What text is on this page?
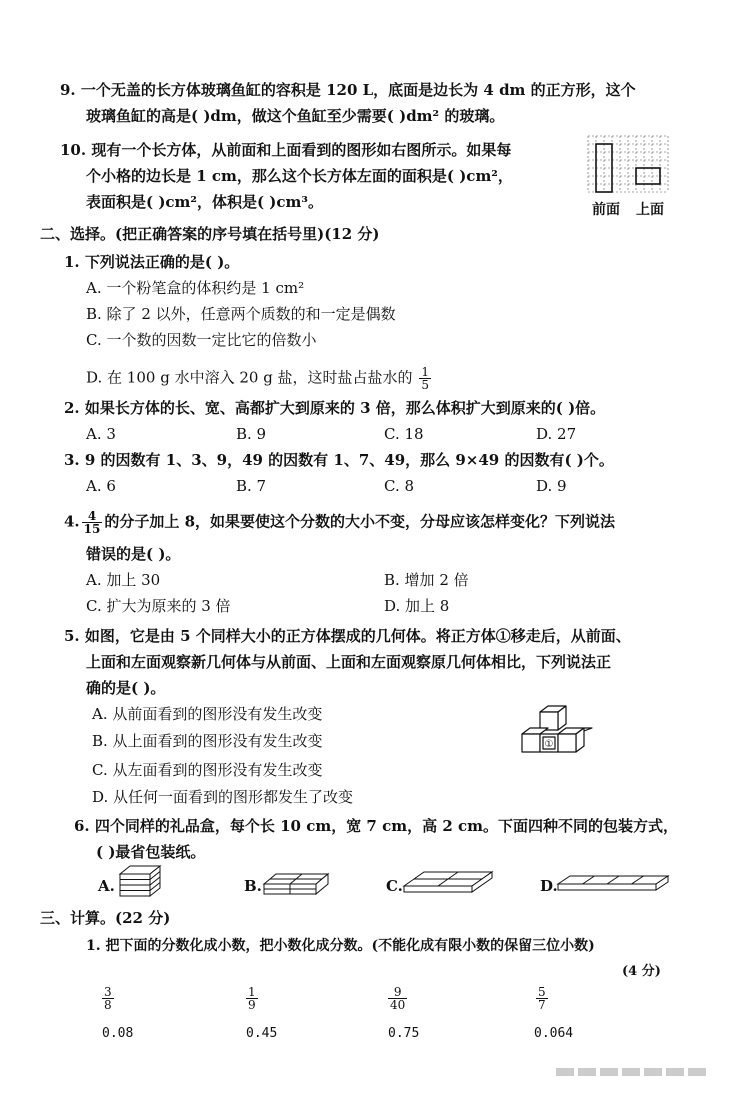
9. 一个无盖的长方体玻璃鱼缸的容积是 120 L，底面是边长为 4 dm 的正方形，这个
玻璃鱼缸的高是( )dm，做这个鱼缸至少需要( )dm² 的玻璃。
10. 现有一个长方体，从前面和上面看到的图形如右图所示。如果每
个小格的边长是 1 cm，那么这个长方体左面的面积是( )cm²，
表面积是( )cm²，体积是( )cm³。	前面 上面
二、选择。(把正确答案的序号填在括号里)(12 分)
1. 下列说法正确的是( )。
A. 一个粉笔盒的体积约是 1 cm²
B. 除了 2 以外，任意两个质数的和一定是偶数
C. 一个数的因数一定比它的倍数小
D. 在 100 g 水中溶入 20 g 盐，这时盐占盐水的 $\frac{1}{5}$
2. 如果长方体的长、宽、高都扩大到原来的 3 倍，那么体积扩大到原来的( )倍。
A. 3	B. 9	C. 18	D. 27
3. 9 的因数有 1、3、9，49 的因数有 1、7、49，那么 9×49 的因数有( )个。
A. 6	B. 7	C. 8	D. 9
4. $\frac{4}{15}$ 的分子加上 8，如果要使这个分数的大小不变，分母应该怎样变化？下列说法
错误的是( )。
A. 加上 30	B. 增加 2 倍
C. 扩大为原来的 3 倍	D. 加上 8
5. 如图，它是由 5 个同样大小的正方体摆成的几何体。将正方体①移走后，从前面、
上面和左面观察新几何体与从前面、上面和左面观察原几何体相比，下列说法正
确的是( )。
A. 从前面看到的图形没有发生改变
B. 从上面看到的图形没有发生改变
C. 从左面看到的图形没有发生改变
D. 从任何一面看到的图形都发生了改变
①
6. 四个同样的礼品盒，每个长 10 cm，宽 7 cm，高 2 cm。下面四种不同的包装方式，
( )最省包装纸。
A.	B.	C.	D.
三、计算。(22 分)
1. 把下面的分数化成小数，把小数化成分数。(不能化成有限小数的保留三位小数)
(4 分)
$\frac{3}{8}$	$\frac{1}{9}$	$\frac{9}{40}$	$\frac{5}{7}$
0.08	0.45	0.75	0.064
